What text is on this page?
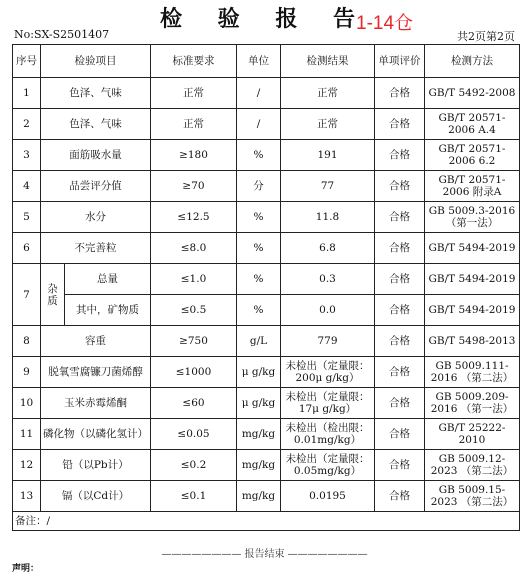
检 验 报 告
1-14仓
No:SX-S2501407	共2页第2页
序号	检验项目		标准要求	单位	检测结果	单项评价	检测方法
1	色泽、气味		正常	/	正常	合格	GB/T 5492-2008
2	色泽、气味		正常	/	正常	合格	GB/T 20571-2006 A.4
3	面筋吸水量		≥180	%	191	合格	GB/T 20571-2006 6.2
4	品尝评分值		≥70	分	77	合格	GB/T 20571-2006 附录A
5	水分		≤12.5	%	11.8	合格	GB 5009.3-2016 （第一法）
6	不完善粒		≤8.0	%	6.8	合格	GB/T 5494-2019
7	杂质	总量	≤1.0	%	0.3	合格	GB/T 5494-2019
		其中，矿物质	≤0.5	%	0.0	合格	GB/T 5494-2019
8	容重		≥750	g/L	779	合格	GB/T 5498-2013
9	脱氧雪腐镰刀菌烯醇		≤1000	μ g/kg	未检出（定量限：200μ g/kg）	合格	GB 5009.111-2016 （第二法）
10	玉米赤霉烯酮		≤60	μ g/kg	未检出（定量限：17μ g/kg）	合格	GB 5009.209-2016 （第一法）
11	磷化物（以磷化氢计）		≤0.05	mg/kg	未检出（检出限：0.01mg/kg）	合格	GB/T 25222-2010
12	铅（以Pb计）		≤0.2	mg/kg	未检出（定量限：0.05mg/kg）	合格	GB 5009.12-2023 （第二法）
13	镉（以Cd计）		≤0.1	mg/kg	0.0195	合格	GB 5009.15-2023 （第二法）
备注：/							
———————— 报告结束 ————————
声明：
